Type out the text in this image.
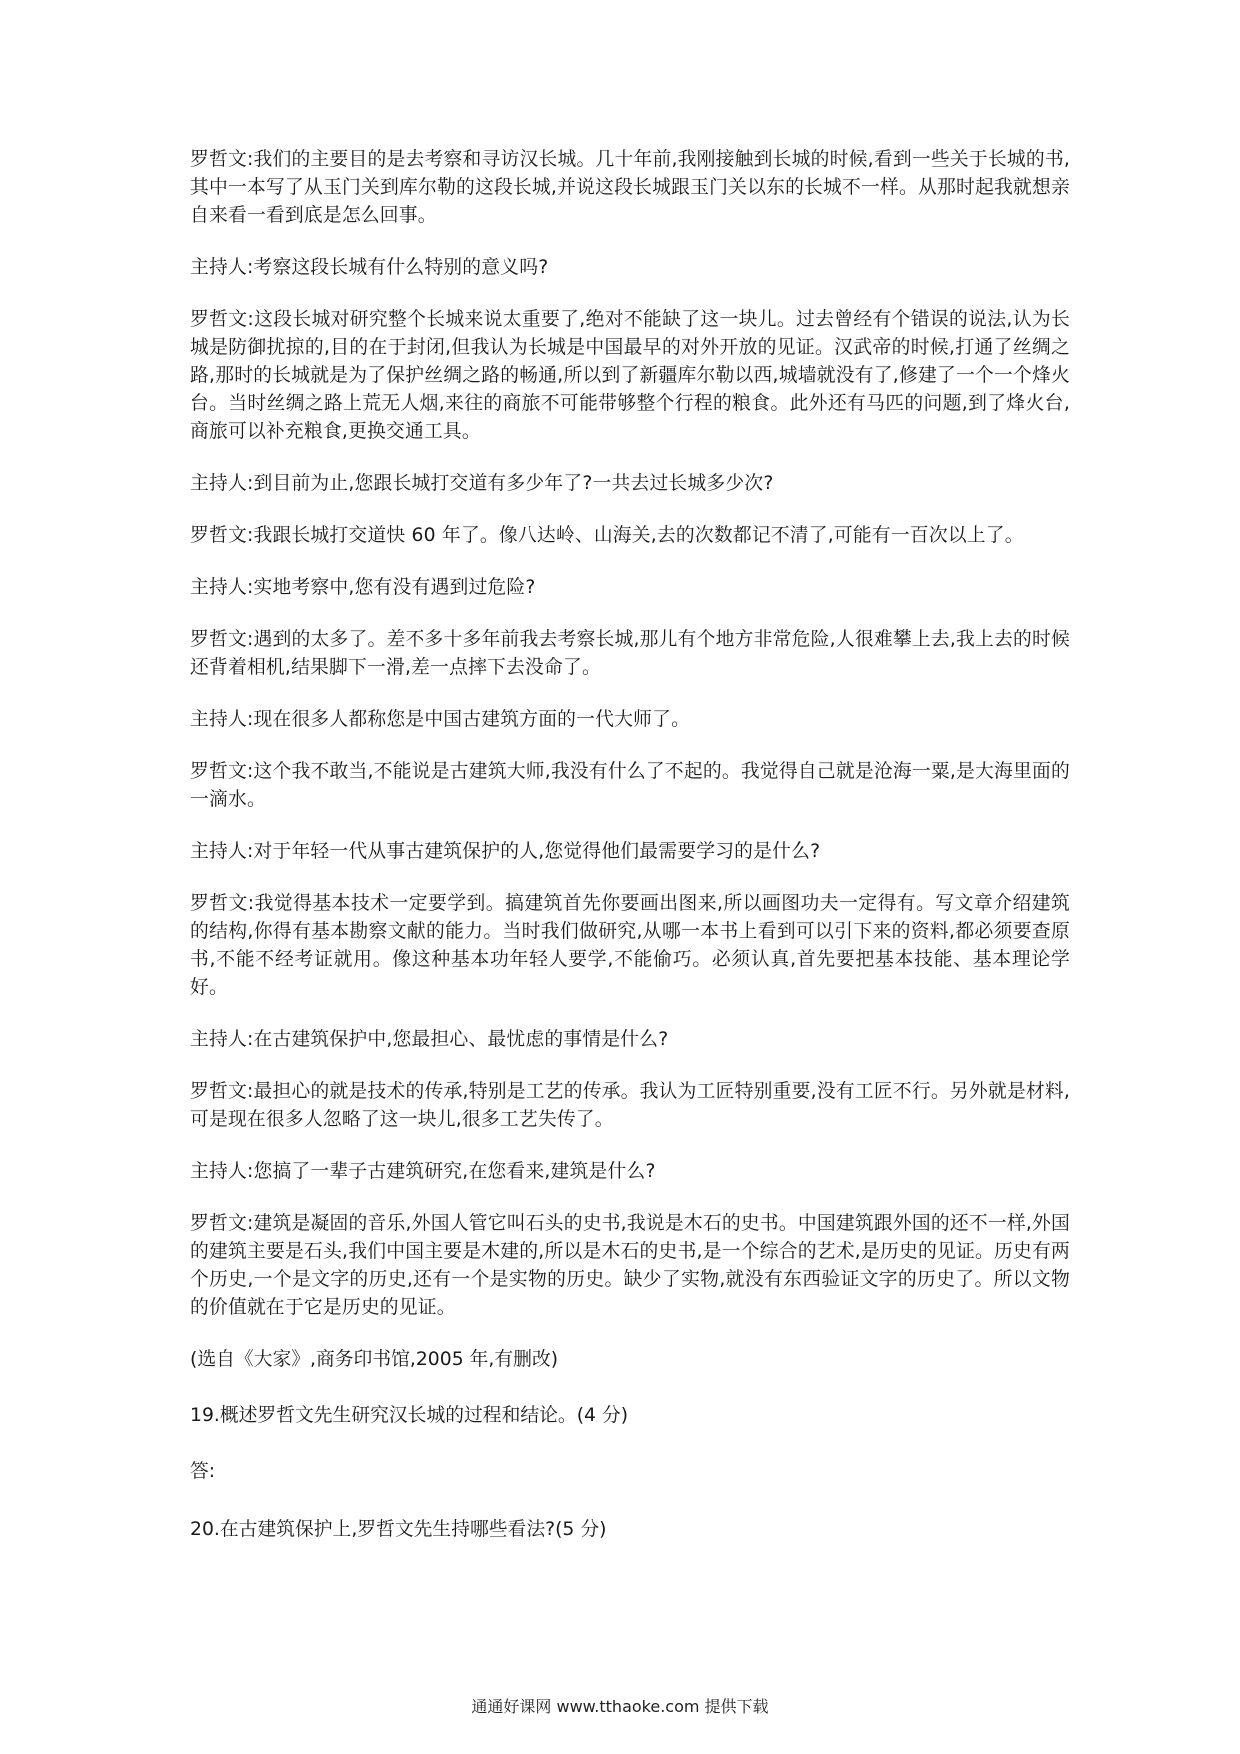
罗哲文:我们的主要目的是去考察和寻访汉长城。几十年前,我刚接触到长城的时候,看到一些关于长城的书,其中一本写了从玉门关到库尔勒的这段长城,并说这段长城跟玉门关以东的长城不一样。从那时起我就想亲自来看一看到底是怎么回事。

主持人:考察这段长城有什么特别的意义吗?

罗哲文:这段长城对研究整个长城来说太重要了,绝对不能缺了这一块儿。过去曾经有个错误的说法,认为长城是防御扰掠的,目的在于封闭,但我认为长城是中国最早的对外开放的见证。汉武帝的时候,打通了丝绸之路,那时的长城就是为了保护丝绸之路的畅通,所以到了新疆库尔勒以西,城墙就没有了,修建了一个一个烽火台。当时丝绸之路上荒无人烟,来往的商旅不可能带够整个行程的粮食。此外还有马匹的问题,到了烽火台,商旅可以补充粮食,更换交通工具。

主持人:到目前为止,您跟长城打交道有多少年了?一共去过长城多少次?

罗哲文:我跟长城打交道快 60 年了。像八达岭、山海关,去的次数都记不清了,可能有一百次以上了。

主持人:实地考察中,您有没有遇到过危险?

罗哲文:遇到的太多了。差不多十多年前我去考察长城,那儿有个地方非常危险,人很难攀上去,我上去的时候还背着相机,结果脚下一滑,差一点摔下去没命了。

主持人:现在很多人都称您是中国古建筑方面的一代大师了。

罗哲文:这个我不敢当,不能说是古建筑大师,我没有什么了不起的。我觉得自己就是沧海一粟,是大海里面的一滴水。

主持人:对于年轻一代从事古建筑保护的人,您觉得他们最需要学习的是什么?

罗哲文:我觉得基本技术一定要学到。搞建筑首先你要画出图来,所以画图功夫一定得有。写文章介绍建筑的结构,你得有基本勘察文献的能力。当时我们做研究,从哪一本书上看到可以引下来的资料,都必须要查原书,不能不经考证就用。像这种基本功年轻人要学,不能偷巧。必须认真,首先要把基本技能、基本理论学好。

主持人:在古建筑保护中,您最担心、最忧虑的事情是什么?

罗哲文:最担心的就是技术的传承,特别是工艺的传承。我认为工匠特别重要,没有工匠不行。另外就是材料,可是现在很多人忽略了这一块儿,很多工艺失传了。

主持人:您搞了一辈子古建筑研究,在您看来,建筑是什么?

罗哲文:建筑是凝固的音乐,外国人管它叫石头的史书,我说是木石的史书。中国建筑跟外国的还不一样,外国的建筑主要是石头,我们中国主要是木建的,所以是木石的史书,是一个综合的艺术,是历史的见证。历史有两个历史,一个是文字的历史,还有一个是实物的历史。缺少了实物,就没有东西验证文字的历史了。所以文物的价值就在于它是历史的见证。

(选自《大家》,商务印书馆,2005 年,有删改)

19.概述罗哲文先生研究汉长城的过程和结论。(4 分)

答:

20.在古建筑保护上,罗哲文先生持哪些看法?(5 分)

通通好课网 www.tthaoke.com 提供下载
